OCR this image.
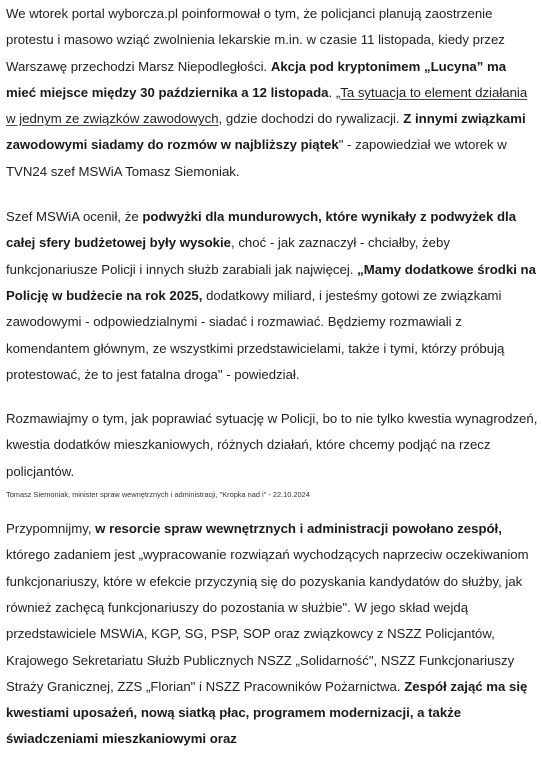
We wtorek portal wyborcza.pl poinformował o tym, że policjanci planują zaostrzenie protestu i masowo wziąć zwolnienia lekarskie m.in. w czasie 11 listopada, kiedy przez Warszawę przechodzi Marsz Niepodległości. Akcja pod kryptonimem „Lucyna” ma mieć miejsce między 30 października a 12 listopada. „Ta sytuacja to element działania w jednym ze związków zawodowych, gdzie dochodzi do rywalizacji. Z innymi związkami zawodowymi siadamy do rozmów w najbliższy piątek" - zapowiedział we wtorek w TVN24 szef MSWiA Tomasz Siemoniak.

Szef MSWiA ocenił, że podwyżki dla mundurowych, które wynikały z podwyżek dla całej sfery budżetowej były wysokie, choć - jak zaznaczył - chciałby, żeby funkcjonariusze Policji i innych służb zarabiali jak najwięcej. „Mamy dodatkowe środki na Policję w budżecie na rok 2025, dodatkowy miliard, i jesteśmy gotowi ze związkami zawodowymi - odpowiedzialnymi - siadać i rozmawiać. Będziemy rozmawiali z komendantem głównym, ze wszystkimi przedstawicielami, także i tymi, którzy próbują protestować, że to jest fatalna droga" - powiedział.

Rozmawiajmy o tym, jak poprawiać sytuację w Policji, bo to nie tylko kwestia wynagrodzeń, kwestia dodatków mieszkaniowych, różnych działań, które chcemy podjąć na rzecz policjantów.

Tomasz Siemoniak, minister spraw wewnętrznych i administracji, "Kropka nad i" - 22.10.2024

Przypomnijmy, w resorcie spraw wewnętrznych i administracji powołano zespół, którego zadaniem jest „wypracowanie rozwiązań wychodzących naprzeciw oczekiwaniom funkcjonariuszy, które w efekcie przyczynią się do pozyskania kandydatów do służby, jak również zachęcą funkcjonariuszy do pozostania w służbie". W jego skład wejdą przedstawiciele MSWiA, KGP, SG, PSP, SOP oraz związkowcy z NSZZ Policjantów, Krajowego Sekretariatu Służb Publicznych NSZZ „Solidarność", NSZZ Funkcjonariuszy Straży Granicznej, ZZS „Florian" i NSZZ Pracowników Pożarnictwa. Zespół zająć ma się kwestiami uposażeń, nową siatką płac, programem modernizacji, a także świadczeniami mieszkaniowymi oraz
